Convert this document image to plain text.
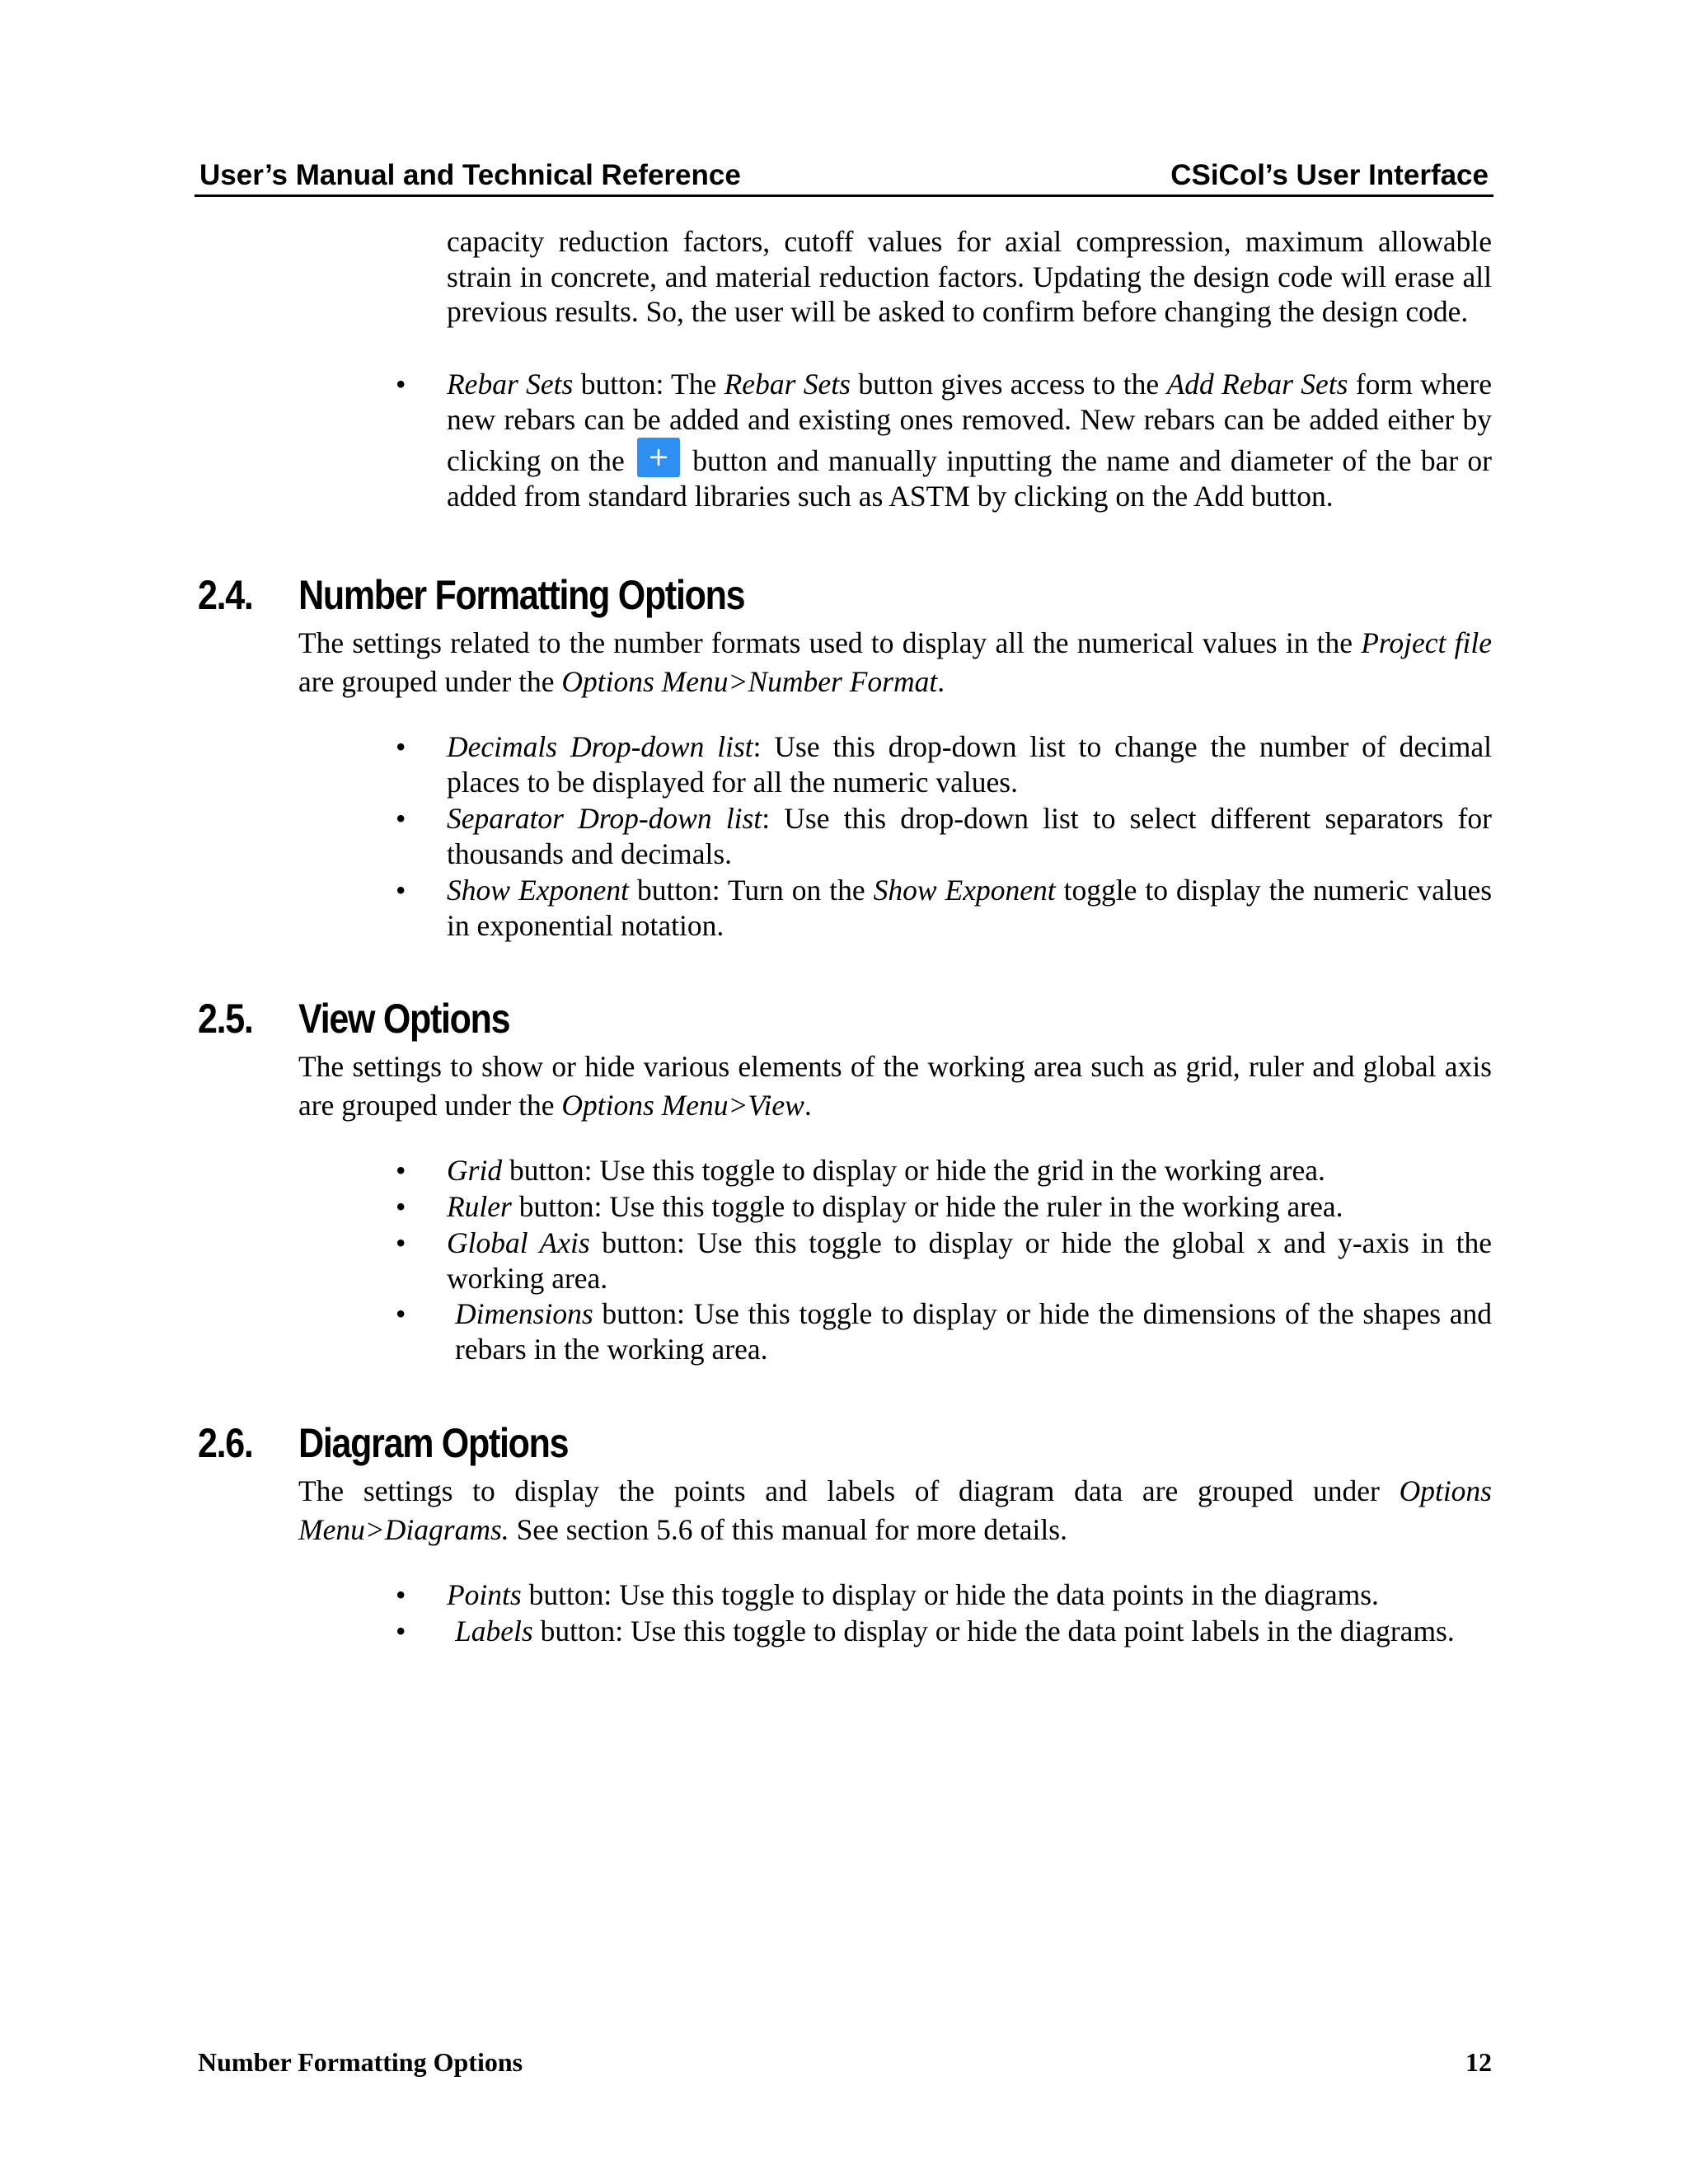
User’s Manual and Technical Reference	CSiCol’s User Interface

capacity reduction factors, cutoff values for axial compression, maximum allowable strain in concrete, and material reduction factors. Updating the design code will erase all previous results. So, the user will be asked to confirm before changing the design code.

•	Rebar Sets button: The Rebar Sets button gives access to the Add Rebar Sets form where new rebars can be added and existing ones removed. New rebars can be added either by clicking on the + button and manually inputting the name and diameter of the bar or added from standard libraries such as ASTM by clicking on the Add button.

2.4. Number Formatting Options

The settings related to the number formats used to display all the numerical values in the Project file are grouped under the Options Menu>Number Format.

•	Decimals Drop-down list: Use this drop-down list to change the number of decimal places to be displayed for all the numeric values.

•	Separator Drop-down list: Use this drop-down list to select different separators for thousands and decimals.

•	Show Exponent button: Turn on the Show Exponent toggle to display the numeric values in exponential notation.

2.5. View Options

The settings to show or hide various elements of the working area such as grid, ruler and global axis are grouped under the Options Menu>View.

•	Grid button: Use this toggle to display or hide the grid in the working area.

•	Ruler button: Use this toggle to display or hide the ruler in the working area.

•	Global Axis button: Use this toggle to display or hide the global x and y-axis in the working area.

•	Dimensions button: Use this toggle to display or hide the dimensions of the shapes and rebars in the working area.

2.6. Diagram Options

The settings to display the points and labels of diagram data are grouped under Options Menu>Diagrams. See section 5.6 of this manual for more details.

•	Points button: Use this toggle to display or hide the data points in the diagrams.

•	Labels button: Use this toggle to display or hide the data point labels in the diagrams.

Number Formatting Options	12
